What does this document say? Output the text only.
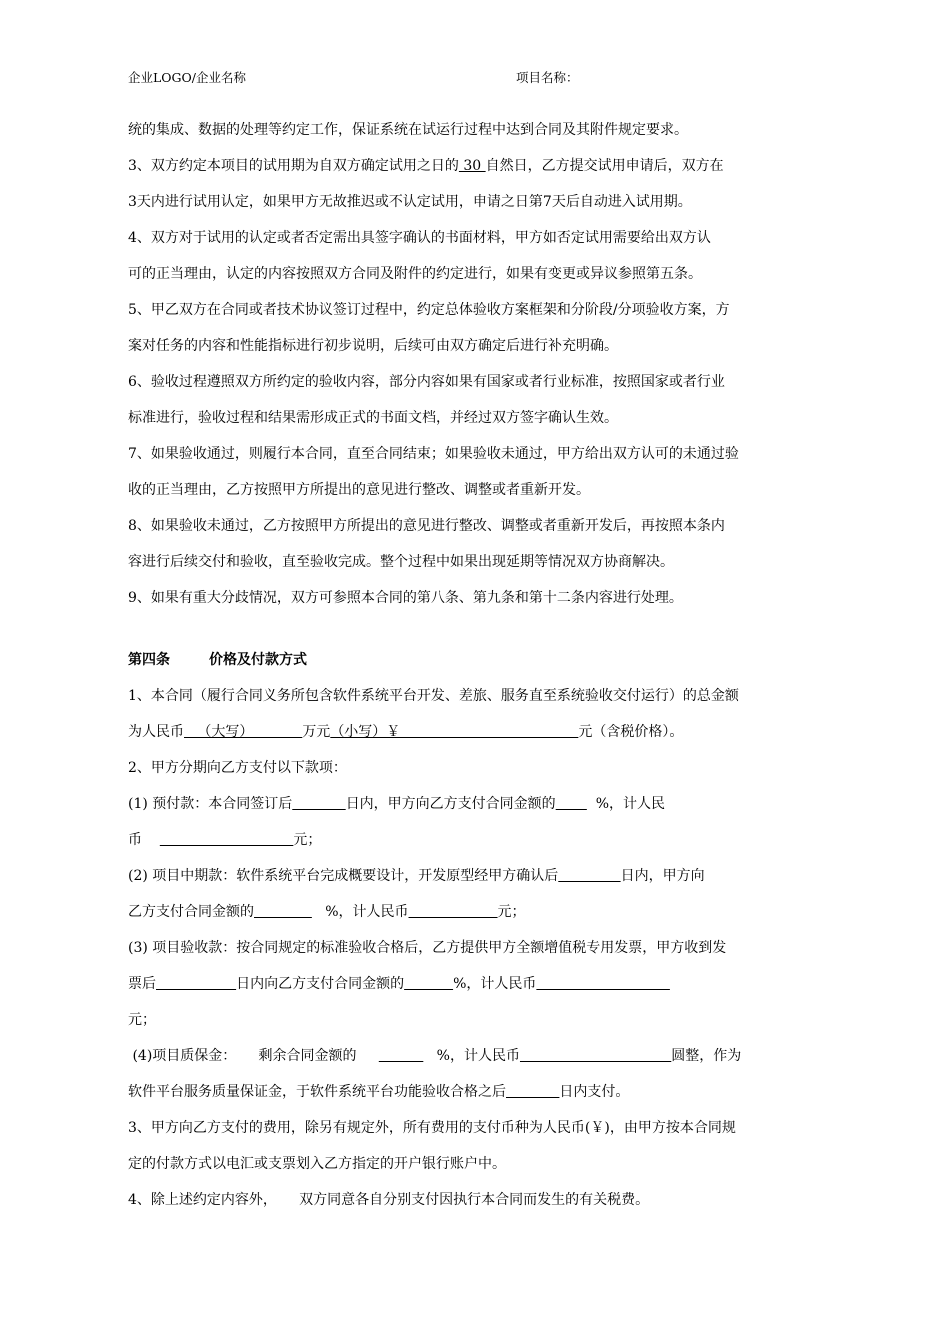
企业LOGO/企业名称	项目名称：
统的集成、数据的处理等约定工作，保证系统在试运行过程中达到合同及其附件规定要求。
3、双方约定本项目的试用期为自双方确定试用之日的 30 自然日，乙方提交试用申请后，双方在
3天内进行试用认定，如果甲方无故推迟或不认定试用，申请之日第7天后自动进入试用期。
4、双方对于试用的认定或者否定需出具签字确认的书面材料，甲方如否定试用需要给出双方认
可的正当理由，认定的内容按照双方合同及附件的约定进行，如果有变更或异议参照第五条。
5、甲乙双方在合同或者技术协议签订过程中，约定总体验收方案框架和分阶段/分项验收方案，方
案对任务的内容和性能指标进行初步说明，后续可由双方确定后进行补充明确。
6、验收过程遵照双方所约定的验收内容，部分内容如果有国家或者行业标准，按照国家或者行业
标准进行，验收过程和结果需形成正式的书面文档，并经过双方签字确认生效。
7、如果验收通过，则履行本合同，直至合同结束；如果验收未通过，甲方给出双方认可的未通过验
收的正当理由，乙方按照甲方所提出的意见进行整改、调整或者重新开发。
8、如果验收未通过，乙方按照甲方所提出的意见进行整改、调整或者重新开发后，再按照本条内
容进行后续交付和验收，直至验收完成。整个过程中如果出现延期等情况双方协商解决。
9、如果有重大分歧情况，双方可参照本合同的第八条、第九条和第十二条内容进行处理。
第四条        价格及付款方式
1、本合同（履行合同义务所包含软件系统平台开发、差旅、服务直至系统验收交付运行）的总金额
为人民币   （大写）           万元（小写）￥                                        元（含税价格）。
2、甲方分期向乙方支付以下款项：
(1) 预付款：本合同签订后	日内，甲方向乙方支付合同金额的         %，计人民
币	元；
(2) 项目中期款：软件系统平台完成概要设计，开发原型经甲方确认后	日内，甲方向
乙方支付合同金额的	%，计人民币	元；
(3) 项目验收款：按合同规定的标准验收合格后，乙方提供甲方全额增值税专用发票，甲方收到发
票后	日内向乙方支付合同金额的	%，计人民币
元；
(4)项目质保金：     剩余合同金额的	%，计人民币	圆整，作为
软件平台服务质量保证金，于软件系统平台功能验收合格之后	日内支付。
3、甲方向乙方支付的费用，除另有规定外，所有费用的支付币种为人民币(￥)，由甲方按本合同规
定的付款方式以电汇或支票划入乙方指定的开户银行账户中。
4、除上述约定内容外，     双方同意各自分别支付因执行本合同而发生的有关税费。
